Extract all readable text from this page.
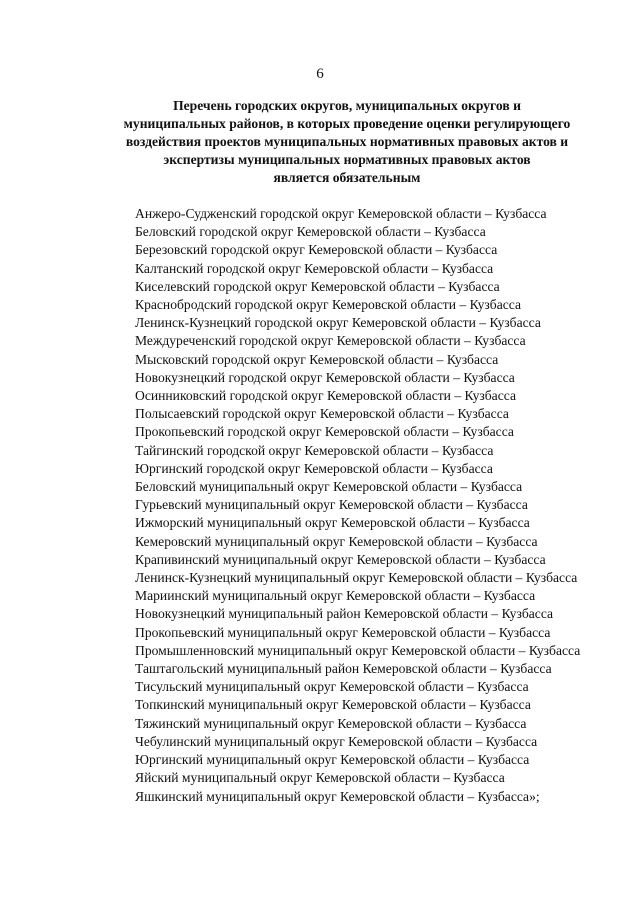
6
Перечень городских округов, муниципальных округов и
муниципальных районов, в которых проведение оценки регулирующего
воздействия проектов муниципальных нормативных правовых актов и
экспертизы муниципальных нормативных правовых актов
является обязательным
Анжеро-Судженский городской округ Кемеровской области – Кузбасса
Беловский городской округ Кемеровской области – Кузбасса
Березовский городской округ Кемеровской области – Кузбасса
Калтанский городской округ Кемеровской области – Кузбасса
Киселевский городской округ Кемеровской области – Кузбасса
Краснобродский городской округ Кемеровской области – Кузбасса
Ленинск-Кузнецкий городской округ Кемеровской области – Кузбасса
Междуреченский городской округ Кемеровской области – Кузбасса
Мысковский городской округ Кемеровской области – Кузбасса
Новокузнецкий городской округ Кемеровской области – Кузбасса
Осинниковский городской округ Кемеровской области – Кузбасса
Полысаевский городской округ Кемеровской области – Кузбасса
Прокопьевский городской округ Кемеровской области – Кузбасса
Тайгинский городской округ Кемеровской области – Кузбасса
Юргинский городской округ Кемеровской области – Кузбасса
Беловский муниципальный округ Кемеровской области – Кузбасса
Гурьевский муниципальный округ Кемеровской области – Кузбасса
Ижморский муниципальный округ Кемеровской области – Кузбасса
Кемеровский муниципальный округ Кемеровской области – Кузбасса
Крапивинский муниципальный округ Кемеровской области – Кузбасса
Ленинск-Кузнецкий муниципальный округ Кемеровской области – Кузбасса
Мариинский муниципальный округ Кемеровской области – Кузбасса
Новокузнецкий муниципальный район Кемеровской области – Кузбасса
Прокопьевский муниципальный округ Кемеровской области – Кузбасса
Промышленновский муниципальный округ Кемеровской области – Кузбасса
Таштагольский муниципальный район Кемеровской области – Кузбасса
Тисульский муниципальный округ Кемеровской области – Кузбасса
Топкинский муниципальный округ Кемеровской области – Кузбасса
Тяжинский муниципальный округ Кемеровской области – Кузбасса
Чебулинский муниципальный округ Кемеровской области – Кузбасса
Юргинский муниципальный округ Кемеровской области – Кузбасса
Яйский муниципальный округ Кемеровской области – Кузбасса
Яшкинский муниципальный округ Кемеровской области – Кузбасса»;
